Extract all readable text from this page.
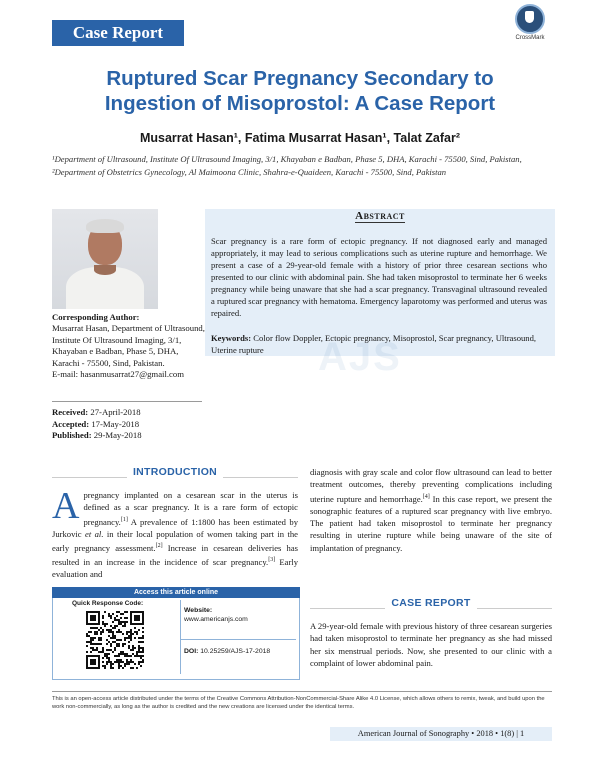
Case Report	CrossMark
Ruptured Scar Pregnancy Secondary to
Ingestion of Misoprostol: A Case Report
Musarrat Hasan¹, Fatima Musarrat Hasan¹, Talat Zafar²
¹Department of Ultrasound, Institute Of Ultrasound Imaging, 3/1, Khayaban e Badban, Phase 5, DHA, Karachi - 75500, Sind, Pakistan, ²Department of Obstetrics Gynecology, Al Maimoona Clinic, Shahra-e-Quaideen, Karachi - 75500, Sind, Pakistan
Corresponding Author:
Musarrat Hasan, Department of Ultrasound, Institute Of Ultrasound Imaging, 3/1, Khayaban e Badban, Phase 5, DHA, Karachi - 75500, Sind, Pakistan.
E-mail: hasanmusarrat27@gmail.com
Received: 27-April-2018
Accepted: 17-May-2018
Published: 29-May-2018
Abstract
AJS
Scar pregnancy is a rare form of ectopic pregnancy. If not diagnosed early and managed appropriately, it may lead to serious complications such as uterine rupture and hemorrhage. We present a case of a 29-year-old female with a history of prior three cesarean sections who presented to our clinic with abdominal pain. She had taken misoprostol to terminate her 6 weeks pregnancy while being unaware that she had a scar pregnancy. Transvaginal ultrasound revealed a ruptured scar pregnancy with hematoma. Emergency laparotomy was performed and uterus was repaired.
Keywords: Color flow Doppler, Ectopic pregnancy, Misoprostol, Scar pregnancy, Ultrasound, Uterine rupture
INTRODUCTION
Apregnancy implanted on a cesarean scar in the uterus is defined as a scar pregnancy. It is a rare form of ectopic pregnancy.[1] A prevalence of 1:1800 has been estimated by Jurkovic et al. in their local population of women taking part in the early pregnancy assessment.[2] Increase in cesarean deliveries has resulted in an increase in the incidence of scar pregnancy.[3] Early evaluation and
diagnosis with gray scale and color flow ultrasound can lead to better treatment outcomes, thereby preventing complications including uterine rupture and hemorrhage.[4] In this case report, we present the sonographic features of a ruptured scar pregnancy with live embryo. The patient had taken misoprostol to terminate her pregnancy resulting in uterine rupture while being unaware of the site of implantation of pregnancy.
CASE REPORT
A 29-year-old female with previous history of three cesarean surgeries had taken misoprostol to terminate her pregnancy as she had missed her six menstrual periods. Now, she presented to our clinic with a complaint of lower abdominal pain.
Access this article online
Quick Response Code:
Website:
www.americanjs.com
DOI: 10.25259/AJS-17-2018
This is an open-access article distributed under the terms of the Creative Commons Attribution-NonCommercial-Share Alike 4.0 License, which allows others to remix, tweak, and build upon the work non-commercially, as long as the author is credited and the new creations are licensed under the identical terms.
American Journal of Sonography • 2018 • 1(8) | 1
